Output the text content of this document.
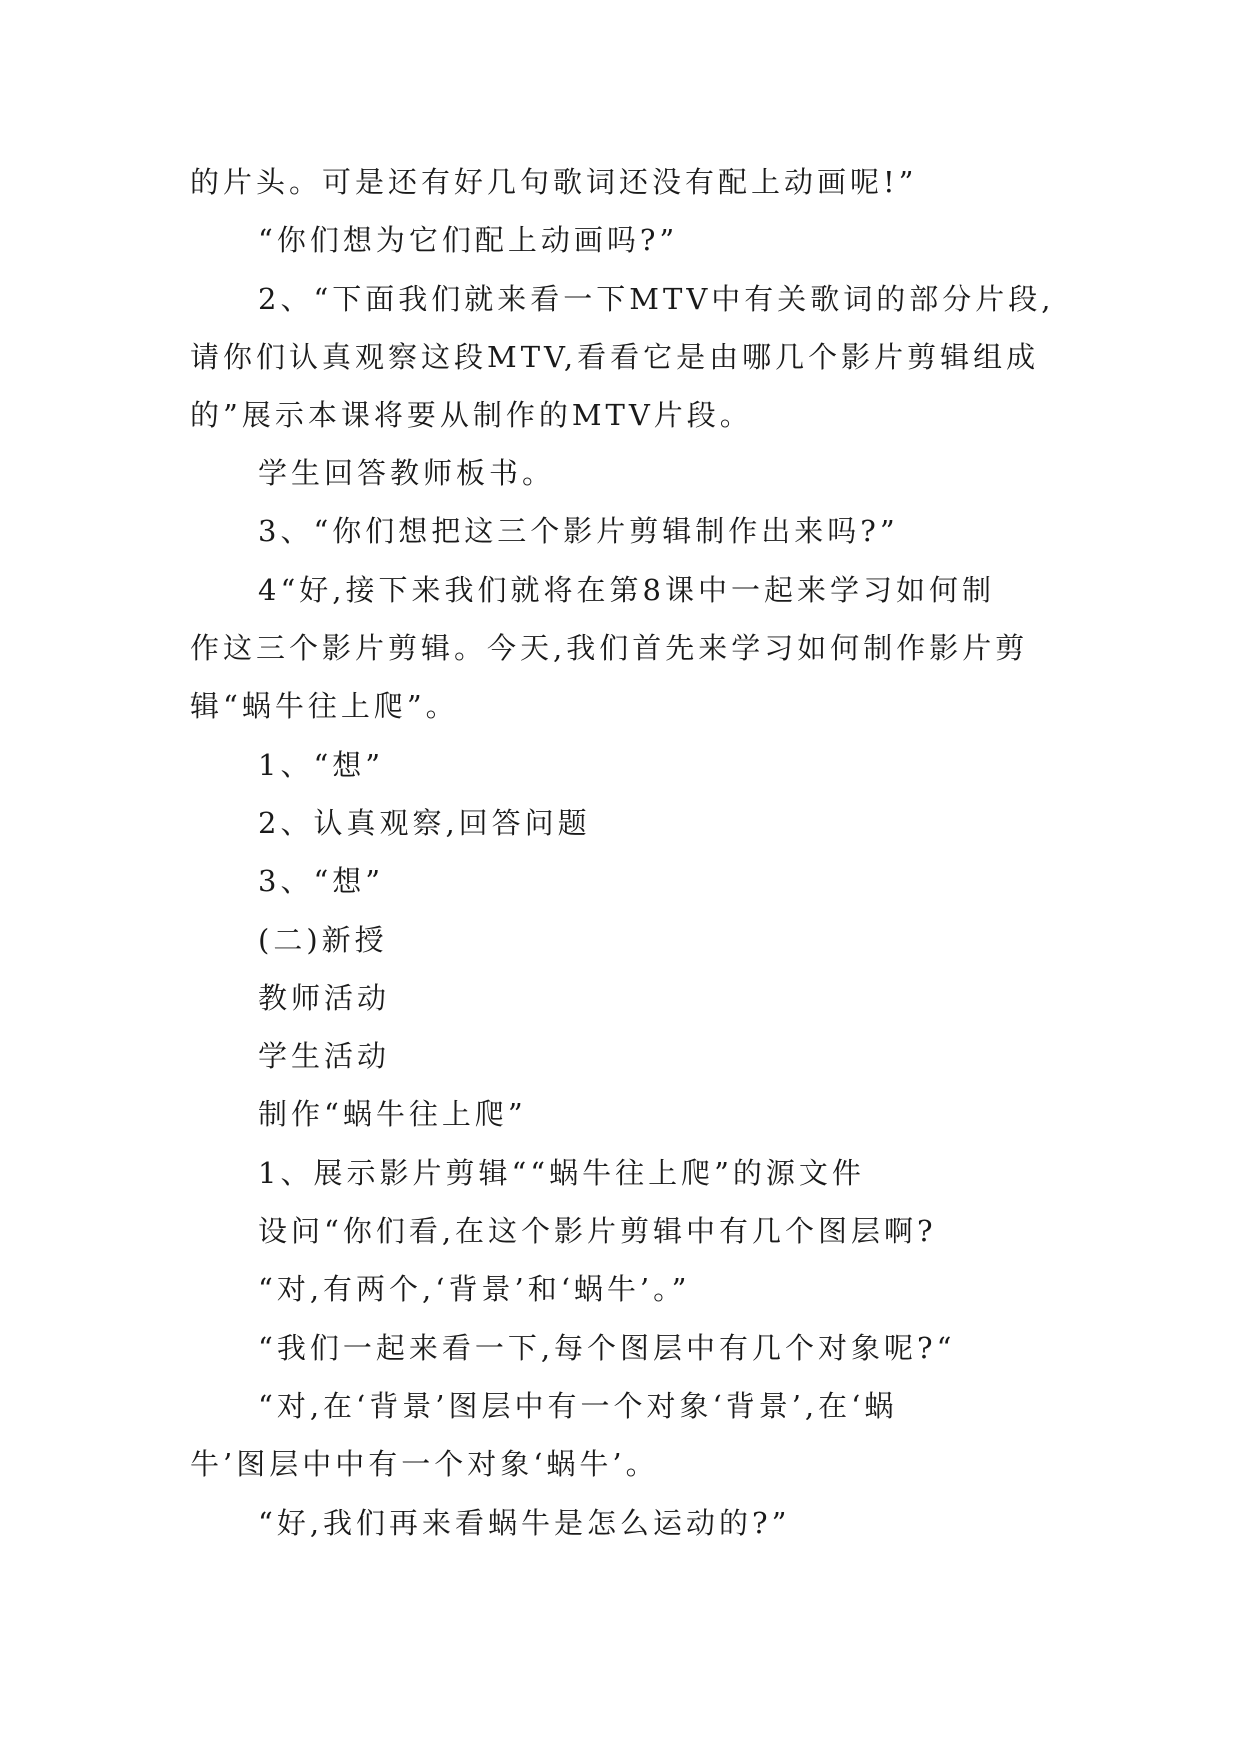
的片头。可是还有好几句歌词还没有配上动画呢!”
“你们想为它们配上动画吗?”
2、“下面我们就来看一下MTV中有关歌词的部分片段,
请你们认真观察这段MTV,看看它是由哪几个影片剪辑组成
的”展示本课将要从制作的MTV片段。
学生回答教师板书。
3、“你们想把这三个影片剪辑制作出来吗?”
4“好,接下来我们就将在第8课中一起来学习如何制
作这三个影片剪辑。今天,我们首先来学习如何制作影片剪
辑“蜗牛往上爬”。
1、“想”
2、认真观察,回答问题
3、“想”
(二)新授
教师活动
学生活动
制作“蜗牛往上爬”
1、展示影片剪辑““蜗牛往上爬”的源文件
设问“你们看,在这个影片剪辑中有几个图层啊?
“对,有两个,‘背景’和‘蜗牛’。”
“我们一起来看一下,每个图层中有几个对象呢?“
“对,在‘背景’图层中有一个对象‘背景’,在‘蜗
牛’图层中中有一个对象‘蜗牛’。
“好,我们再来看蜗牛是怎么运动的?”
